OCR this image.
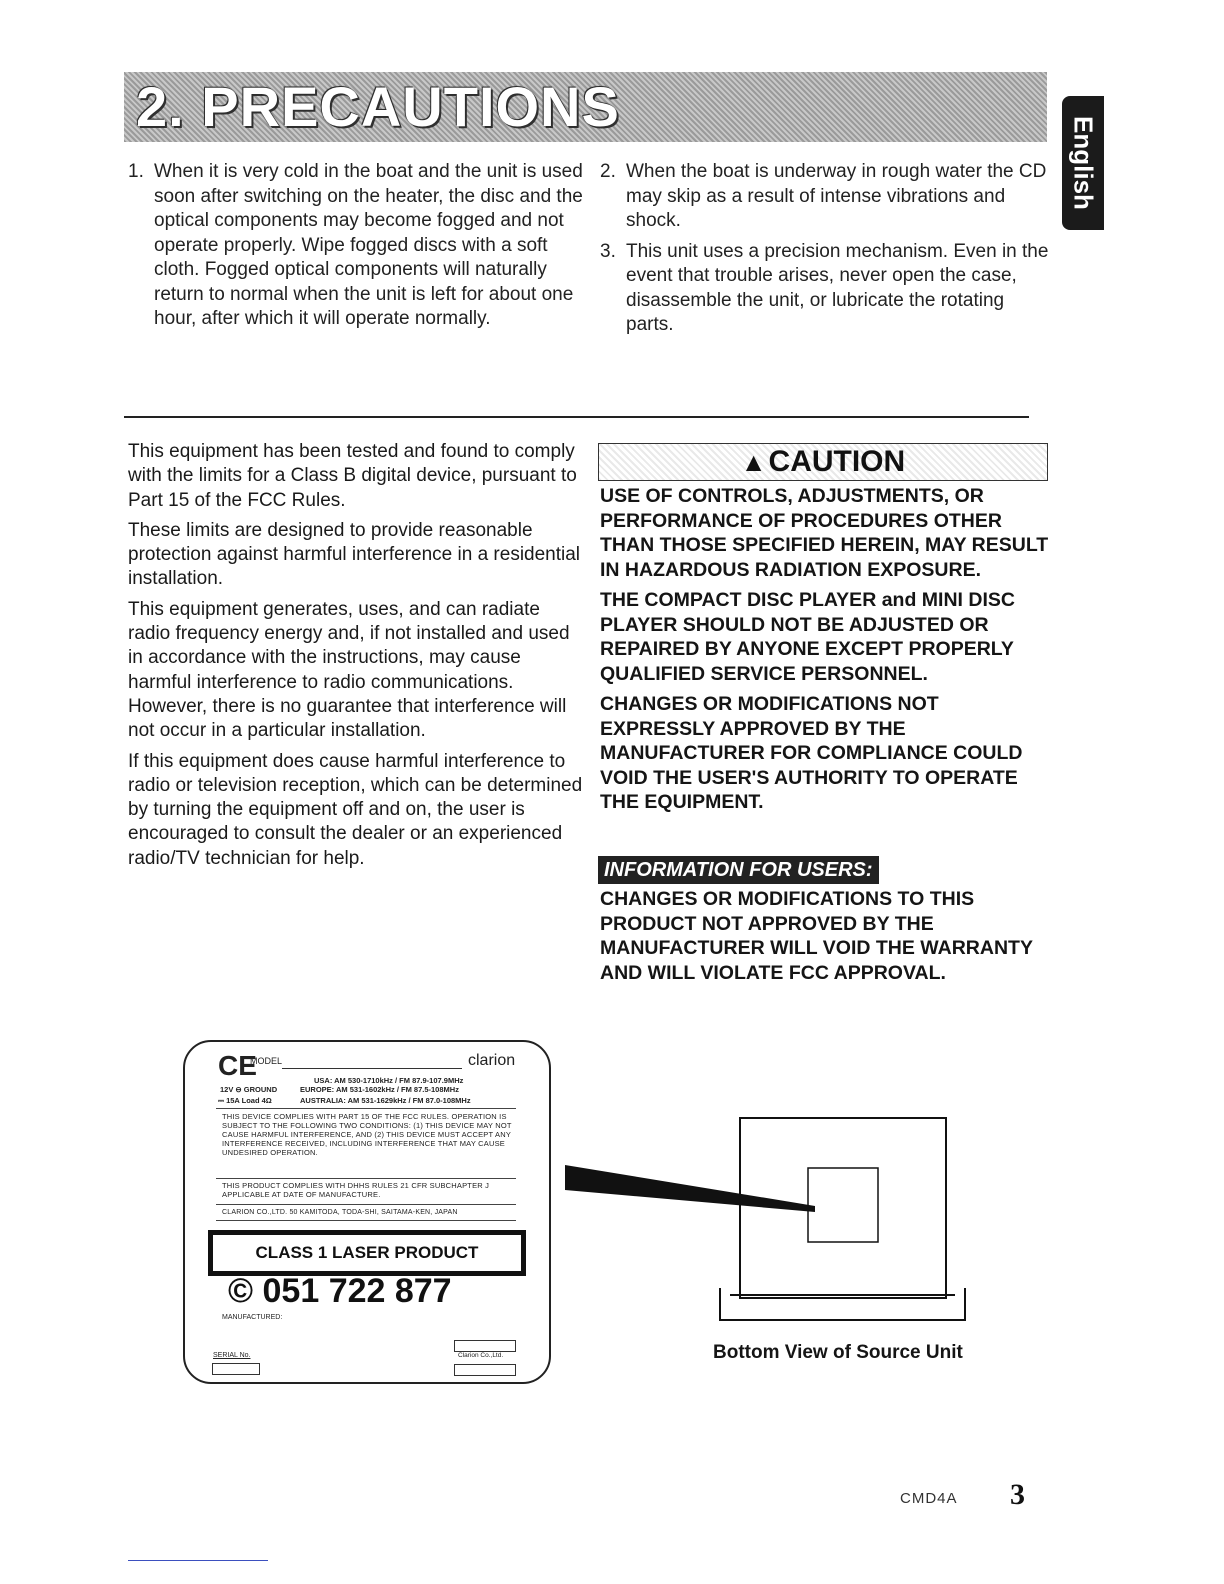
2. PRECAUTIONS
English
1. When it is very cold in the boat and the unit is used soon after switching on the heater, the disc and the optical components may become fogged and not operate properly. Wipe fogged discs with a soft cloth. Fogged optical components will naturally return to normal when the unit is left for about one hour, after which it will operate normally.
2. When the boat is underway in rough water the CD may skip as a result of intense vibrations and shock.
3. This unit uses a precision mechanism. Even in the event that trouble arises, never open the case, disassemble the unit, or lubricate the rotating parts.

This equipment has been tested and found to comply with the limits for a Class B digital device, pursuant to Part 15 of the FCC Rules.

These limits are designed to provide reasonable protection against harmful interference in a residential installation.

This equipment generates, uses, and can radiate radio frequency energy and, if not installed and used in accordance with the instructions, may cause harmful interference to radio communications. However, there is no guarantee that interference will not occur in a particular installation.

If this equipment does cause harmful interference to radio or television reception, which can be determined by turning the equipment off and on, the user is encouraged to consult the dealer or an experienced radio/TV technician for help.

▲CAUTION

USE OF CONTROLS, ADJUSTMENTS, OR PERFORMANCE OF PROCEDURES OTHER THAN THOSE SPECIFIED HEREIN, MAY RESULT IN HAZARDOUS RADIATION EXPOSURE.

THE COMPACT DISC PLAYER and MINI DISC PLAYER SHOULD NOT BE ADJUSTED OR REPAIRED BY ANYONE EXCEPT PROPERLY QUALIFIED SERVICE PERSONNEL.

CHANGES OR MODIFICATIONS NOT EXPRESSLY APPROVED BY THE MANUFACTURER FOR COMPLIANCE COULD VOID THE USER'S AUTHORITY TO OPERATE THE EQUIPMENT.

INFORMATION FOR USERS:
CHANGES OR MODIFICATIONS TO THIS PRODUCT NOT APPROVED BY THE MANUFACTURER WILL VOID THE WARRANTY AND WILL VIOLATE FCC APPROVAL.
CE
MODEL	clarion
USA: AM 530-1710kHz / FM 87.9-107.9MHz
12V ⊖ GROUND	EUROPE: AM 531-1602kHz / FM 87.5-108MHz
⎓ 15A Load 4Ω	AUSTRALIA: AM 531-1629kHz / FM 87.0-108MHz
THIS DEVICE COMPLIES WITH PART 15 OF THE FCC RULES. OPERATION IS SUBJECT TO THE FOLLOWING TWO CONDITIONS: (1) THIS DEVICE MAY NOT CAUSE HARMFUL INTERFERENCE, AND (2) THIS DEVICE MUST ACCEPT ANY INTERFERENCE RECEIVED, INCLUDING INTERFERENCE THAT MAY CAUSE UNDESIRED OPERATION.
THIS PRODUCT COMPLIES WITH DHHS RULES 21 CFR SUBCHAPTER J APPLICABLE AT DATE OF MANUFACTURE.
CLARION CO.,LTD. 50 KAMITODA, TODA-SHI, SAITAMA-KEN, JAPAN
CLASS 1 LASER PRODUCT
© 051 722 877
MANUFACTURED:
SERIAL No.	Clarion Co.,Ltd.	Bottom View of Source Unit
CMD4A 3
